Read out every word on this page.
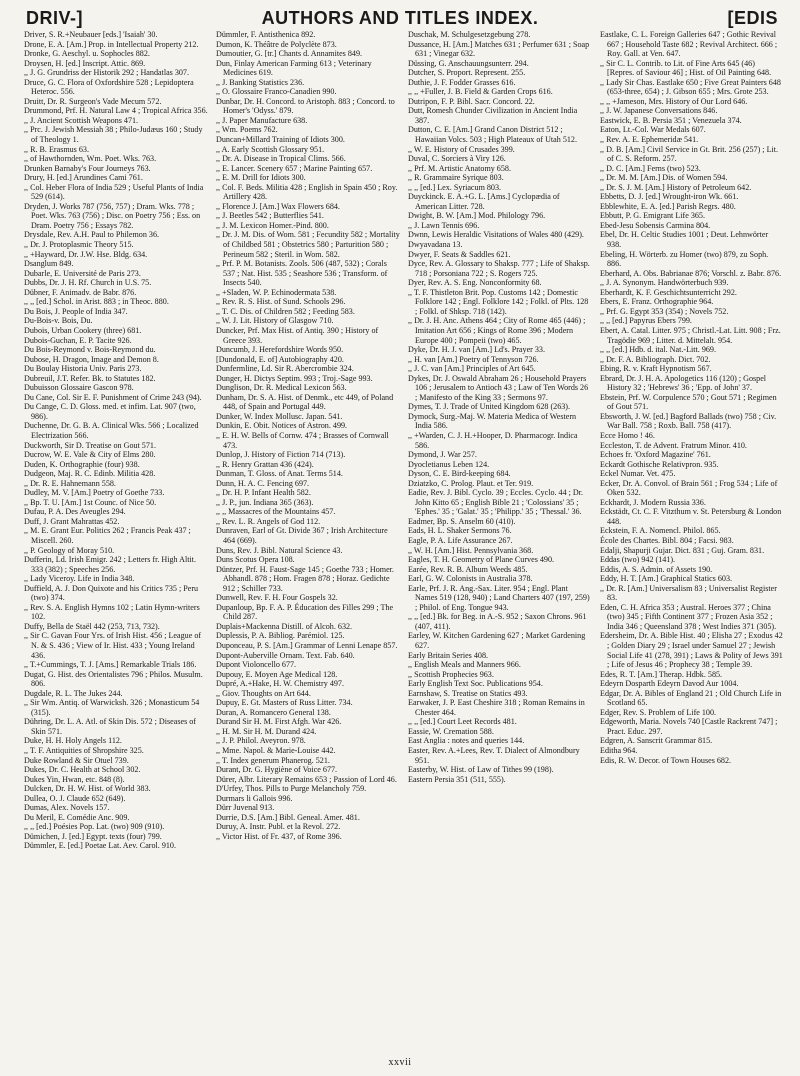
DRIV-]	AUTHORS AND TITLES INDEX.	[EDIS

Driver, S. R.+Neubauer [eds.] 'Isaiah' 30.

Drone, E. A. [Am.] Prop. in Intellectual Property 212.

Dronke, G. Aeschyl. u. Sophocles 882.

Droysen, H. [ed.] Inscript. Attic. 869.

,, J. G. Grundriss der Historik 292 ; Handatlas 307.

Druce, G. C. Flora of Oxfordshire 528 ; Lepidoptera Heteroc. 556.

Druitt, Dr. R. Surgeon's Vade Mecum 572.

Drummond, Prf. H. Natural Law 4 ; Tropical Africa 356.

,, J. Ancient Scottish Weapons 471.

,, Prc. J. Jewish Messiah 38 ; Philo-Judæus 160 ; Study of Theology 1.

,, R. B. Erasmus 63.

,, of Hawthornden, Wm. Poet. Wks. 763.

Drunken Barnaby's Four Journeys 763.

Drury, H. [ed.] Arundines Cami 761.

,, Col. Heber Flora of India 529 ; Useful Plants of India 529 (614).

Dryden, J. Works 787 (756, 757) ; Dram. Wks. 778 ; Poet. Wks. 763 (756) ; Disc. on Poetry 756 ; Ess. on Dram. Poetry 756 ; Essays 782.

Drysdale, Rev. A.H. Paul to Philemon 36.

,, Dr. J. Protoplasmic Theory 515.

,, +Hayward, Dr. J.W. Hse. Bldg. 634.

Dsanglum 849.

Dubarle, E. Université de Paris 273.

Dubbs, Dr. J. H. Rf. Church in U.S. 75.

Dübner, F. Animadv. de Babr. 876.

,, ,, [ed.] Schol. in Arist. 883 ; in Theoc. 880.

Du Bois, J. People of India 347.

Du-Bois-v. Bois, Du.

Dubois, Urban Cookery (three) 681.

Dubois-Guchan, E. P. Tacite 926.

Du Bois-Reymond v. Bois-Reymond du.

Dubose, H. Dragon, Image and Demon 8.

Du Boulay Historia Univ. Paris 273.

Dubreuil, J.T. Refer. Bk. to Statutes 182.

Dubuisson Glossaire Gascon 978.

Du Cane, Col. Sir E. F. Punishment of Crime 243 (94).

Du Cange, C. D. Gloss. med. et infim. Lat. 907 (two, 986).

Duchenne, Dr. G. B. A. Clinical Wks. 566 ; Localized Electrization 566.

Duckworth, Sir D. Treatise on Gout 571.

Ducrow, W. E. Vale & City of Elms 280.

Duden, K. Orthographie (four) 938.

Dudgeon, Maj. R. C. Edinb. Militia 428.

,, Dr. R. E. Hahnemann 558.

Dudley, M. V. [Am.] Poetry of Goethe 733.

,, Bp. T. U. [Am.] 1st Counc. of Nice 50.

Dufau, P. A. Des Aveugles 294.

Duff, J. Grant Mahrattas 452.

,, M. E. Grant Eur. Politics 262 ; Francis Peak 437 ; Miscell. 260.

,, P. Geology of Moray 510.

Dufferin, Ld. Irish Emigr. 242 ; Letters fr. High Altit. 333 (382) ; Speeches 256.

,, Lady Viceroy. Life in India 348.

Duffield, A. J. Don Quixote and his Critics 735 ; Peru (two) 374.

,, Rev. S. A. English Hymns 102 ; Latin Hymn-writers 102.

Duffy, Bella de Staël 442 (253, 713, 732).

,, Sir C. Gavan Four Yrs. of Irish Hist. 456 ; League of N. & S. 436 ; View of Ir. Hist. 433 ; Young Ireland 436.

,, T.+Cummings, T. J. [Ams.] Remarkable Trials 186.

Dugat, G. Hist. des Orientalistes 796 ; Philos. Musulm. 806.

Dugdale, R. L. The Jukes 244.

,, Sir Wm. Antiq. of Warwicksh. 326 ; Monasticum 54 (315).

Dühring, Dr. L. A. Atl. of Skin Dis. 572 ; Diseases of Skin 571.

Duke, H. H. Holy Angels 112.

,, T. F. Antiquities of Shropshire 325.

Duke Rowland & Sir Otuel 739.

Dukes, Dr. C. Health at School 302.

Dukes Yin, Hwan, etc. 848 (8).

Dulcken, Dr. H. W. Hist. of World 383.

Dullea, O. J. Claude 652 (649).

Dumas, Alex. Novels 157.

Du Meril, E. Comédie Anc. 909.

,, ,, [ed.] Poésies Pop. Lat. (two) 909 (910).

Dümichen, J. [ed.] Egypt. texts (four) 799.

Dümmler, E. [ed.] Poetae Lat. Aev. Carol. 910.

Dümmler, F. Antisthenica 892.

Dumon, K. Théâtre de Polyclète 873.

Dumoutier, G. [tr.] Chants d. Annamites 849.

Dun, Finlay American Farming 613 ; Veterinary Medicines 619.

,, J. Banking Statistics 236.

,, O. Glossaire Franco-Canadien 990.

Dunbar, Dr. H. Concord. to Aristoph. 883 ; Concord. to Homer's 'Odyss.' 879.

,, J. Paper Manufacture 638.

,, Wm. Poems 762.

Duncan+Millard Training of Idiots 300.

,, A. Early Scottish Glossary 951.

,, Dr. A. Disease in Tropical Clims. 566.

,, E. Lancer. Scenery 657 ; Marine Painting 657.

,, E. M. Drill for Idiots 300.

,, Col. F. Beds. Militia 428 ; English in Spain 450 ; Roy. Artillery 428.

,, Florence J. [Am.] Wax Flowers 684.

,, J. Beetles 542 ; Butterflies 541.

,, J. M. Lexicon Homer.-Pind. 800.

,, Dr. J. M. Dis. of Wom. 581 ; Fecundity 582 ; Mortality of Childbed 581 ; Obstetrics 580 ; Parturition 580 ; Perineum 582 ; Steril. in Wom. 582.

,, Prf. P. M. Botanists. Zools. 506 (487, 532) ; Corals 537 ; Nat. Hist. 535 ; Seashore 536 ; Transform. of Insects 540.

,, +Sladen, W. P. Echinodermata 538.

,, Rev. R. S. Hist. of Sund. Schools 296.

,, T. C. Dis. of Children 582 ; Feeding 583.

,, W. J. Lit. History of Glasgow 710.

Duncker, Prf. Max Hist. of Antiq. 390 ; History of Greece 393.

Duncumb, J. Herefordshire Words 950.

[Dundonald, E. of] Autobiography 420.

Dunfermline, Ld. Sir R. Abercrombie 324.

Dunger, H. Dictys Septim. 993 ; Troj.-Sage 993.

Dunglison, Dr. R. Medical Lexicon 563.

Dunham, Dr. S. A. Hist. of Denmk., etc 449, of Poland 448, of Spain and Portugal 449.

Dunker, W. Index Mollusc. Japan. 541.

Dunkin, E. Obit. Notices of Astron. 499.

,, E. H. W. Bells of Cornw. 474 ; Brasses of Cornwall 473.

Dunlop, J. History of Fiction 714 (713).

,, R. Henry Grattan 436 (424).

Dunman, T. Gloss. of Anat. Terms 514.

Dunn, H. A. C. Fencing 697.

,, Dr. H. P. Infant Health 582.

,, J. P., jun. Indiana 365 (363).

,, ,, Massacres of the Mountains 457.

,, Rev. L. R. Angels of God 112.

Dunraven, Earl of Gt. Divide 367 ; Irish Architecture 464 (669).

Duns, Rev. J. Bibl. Natural Science 43.

Duns Scotus Opera 108.

Düntzer, Prf. H. Faust-Sage 145 ; Goethe 733 ; Homer. Abhandl. 878 ; Hom. Fragen 878 ; Horaz. Gedichte 912 ; Schiller 733.

Dunwell, Rev. F. H. Four Gospels 32.

Dupanloup, Bp. F. A. P. Éducation des Filles 299 ; The Child 287.

Duplais+Mackenna Distill. of Alcoh. 632.

Duplessis, P. A. Bibliog. Parémiol. 125.

Duponceau, P. S. [Am.] Grammar of Lenni Lenape 857.

Dupont-Auberville Ornam. Text. Fab. 640.

Dupont Violoncello 677.

Dupouy, E. Moyen Age Medical 128.

Dupré, A.+Hake, H. W. Chemistry 497.

,, Giov. Thoughts on Art 644.

Dupuy, E. Gt. Masters of Russ Litter. 734.

Duran, A. Romancero General 138.

Durand Sir H. M. First Afgh. War 426.

,, H. M. Sir H. M. Durand 424.

,, J. P. Philol. Aveyron. 978.

,, Mme. Napol. & Marie-Louise 442.

,, T. Index generum Phanerog. 521.

Durant, Dr. G. Hygiène of Voice 677.

Dürer, Albr. Literary Remains 653 ; Passion of Lord 46.

D'Urfey, Thos. Pills to Purge Melancholy 759.

Durmars li Gallois 996.

Dürr Juvenal 913.

Durrie, D.S. [Am.] Bibl. Geneal. Amer. 481.

Duruy, A. Instr. Publ. et la Revol. 272.

,, Victor Hist. of Fr. 437, of Rome 396.

Duschak, M. Schulgesetzgebung 278.

Dussance, H. [Am.] Matches 631 ; Perfumer 631 ; Soap 631 ; Vinegar 632.

Düssing, G. Anschauungsunterr. 294.

Dutcher, S. Proport. Represent. 255.

Duthie, J. F. Fodder Grasses 616.

,, ,, +Fuller, J. B. Field & Garden Crops 616.

Dutripon, F. P. Bibl. Sacr. Concord. 22.

Dutt, Romesh Chunder Civilization in Ancient India 387.

Dutton, C. E. [Am.] Grand Canon District 512 ; Hawaiian Volcs. 503 ; High Plateaux of Utah 512.

,, W. E. History of Crusades 399.

Duval, C. Sorciers à Viry 126.

,, Prf. M. Artistic Anatomy 658.

,, R. Grammaire Syrique 803.

,, ,, [ed.] Lex. Syriacum 803.

Duyckinck. E. A.+G. L. [Ams.] Cyclopædia of American Litter. 728.

Dwight, B. W. [Am.] Mod. Philology 796.

,, J. Lawn Tennis 696.

Dwnn, Lewis Heraldic Visitations of Wales 480 (429).

Dwyavadana 13.

Dwyer, F. Seats & Saddles 621.

Dyce, Rev. A. Glossary to Shaksp. 777 ; Life of Shaksp. 718 ; Porsoniana 722 ; S. Rogers 725.

Dyer, Rev. A. S. Eng. Nonconformity 68.

,, T. F. Thistleton Brit. Pop. Customs 142 ; Domestic Folklore 142 ; Engl. Folklore 142 ; Folkl. of Plts. 128 ; Folkl. of Shksp. 718 (142).

,, Dr. J. H. Anc. Athens 464 ; City of Rome 465 (446) ; Imitation Art 656 ; Kings of Rome 396 ; Modern Europe 400 ; Pompeii (two) 465.

Dyke, Dr. H. J. van [Am.] Ld's. Prayer 33.

,, H. van [Am.] Poetry of Tennyson 726.

,, J. C. van [Am.] Principles of Art 645.

Dykes, Dr. J. Oswald Abraham 26 ; Household Prayers 106 ; Jerusalem to Antioch 43 ; Law of Ten Words 26 ; Manifesto of the King 33 ; Sermons 97.

Dymes, T. J. Trade of United Kingdom 628 (263).

Dymock, Surg.-Maj. W. Materia Medica of Western India 586.

,, +Warden, C. J. H.+Hooper, D. Pharmacogr. Indica 586.

Dymond, J. War 257.

Dyocletianus Leben 124.

Dyson, C. E. Bird-keeping 684.

Dziatzko, C. Prolog. Plaut. et Ter. 919.

Eadie, Rev. J. Bibl. Cyclo. 39 ; Eccles. Cyclo. 44 ; Dr. John Kitto 65 ; English Bible 21 ; 'Colossians' 35 ; 'Ephes.' 35 ; 'Galat.' 35 ; 'Philipp.' 35 ; 'Thessal.' 36.

Eadmer, Bp. S. Anselm 60 (410).

Eads, H. L. Shaker Sermons 76.

Eagle, P. A. Life Assurance 267.

,, W. H. [Am.] Hist. Pennsylvania 368.

Eagles, T. H. Geometry of Plane Curves 490.

Earée, Rev. R. B. Album Weeds 485.

Earl, G. W. Colonists in Australia 378.

Earle, Prf. J. R. Ang.-Sax. Liter. 954 ; Engl. Plant Names 519 (128, 940) ; Land Charters 407 (197, 259) ; Philol. of Eng. Tongue 943.

,, ,, [ed.] Bk. for Beg. in A.-S. 952 ; Saxon Chrons. 961 (407, 411).

Earley, W. Kitchen Gardening 627 ; Market Gardening 627.

Early Britain Series 408.

,, English Meals and Manners 966.

,, Scottish Prophecies 963.

Early English Text Soc. Publications 954.

Earnshaw, S. Treatise on Statics 493.

Earwaker, J. P. East Cheshire 318 ; Roman Remains in Chester 464.

,, ,, [ed.] Court Leet Records 481.

Eassie, W. Cremation 588.

East Anglia : notes and queries 144.

Easter, Rev. A.+Lees, Rev. T. Dialect of Almondbury 951.

Easterby, W. Hist. of Law of Tithes 99 (198).

Eastern Persia 351 (511, 555).

Eastlake, C. L. Foreign Galleries 647 ; Gothic Revival 667 ; Household Taste 682 ; Revival Architect. 666 ; Roy. Gall. at Ven. 647.

,, Sir C. L. Contrib. to Lit. of Fine Arts 645 (46) [Repres. of Saviour 46] ; Hist. of Oil Painting 648.

,, Lady Sir Chas. Eastlake 650 ; Five Great Painters 648 (653-three, 654) ; J. Gibson 655 ; Mrs. Grote 253.

,, ,, +Jameson, Mrs. History of Our Lord 646.

,, J. W. Japanese Conversations 846.

Eastwick, E. B. Persia 351 ; Venezuela 374.

Eaton, Lt.-Col. War Medals 607.

,, Rev. A. E. Ephemeridæ 541.

,, D. B. [Am.] Civil Service in Gt. Brit. 256 (257) ; Lit. of C. S. Reform. 257.

,, D. C. [Am.] Ferns (two) 523.

,, Dr. M. M. [Am.] Dis. of Women 594.

,, Dr. S. J. M. [Am.] History of Petroleum 642.

Ebbetts, D. J. [ed.] Wrought-iron Wk. 661.

Ebblewhite, E. A. [ed.] Parish Regrs. 480.

Ebbutt, P. G. Emigrant Life 365.

Ebed-Jesu Sobensis Carmina 804.

Ebel, Dr. H. Celtic Studies 1001 ; Deut. Lehnwörter 938.

Ebeling, H. Wörterb. zu Homer (two) 879, zu Soph. 886.

Eberhard, A. Obs. Babrianae 876; Vorschl. z. Babr. 876.

,, J. A. Synonym. Handwörterbuch 939.

Eberhardt, K. F. Geschichtsunterricht 292.

Ebers, E. Franz. Orthographie 964.

,, Prf. G. Egypt 353 (354) ; Novels 752.

,, ,, [ed.] Papyrus Ebers 799.

Ebert, A. Catal. Litter. 975 ; Christl.-Lat. Litt. 908 ; Frz. Tragödie 969 ; Litter. d. Mittelalt. 954.

,, ,, [ed.] Hdb. d. ital. Nat.-Litt. 969.

,, Dr. F. A. Bibliograph. Dict. 702.

Ebing, R. v. Kraft Hypnotism 567.

Ebrard, Dr. J. H. A. Apologetics 116 (120) ; Gospel History 32 ; 'Hebrews' 36 ; 'Epp. of John' 37.

Ebstein, Prf. W. Corpulence 570 ; Gout 571 ; Regimen of Gout 571.

Ebsworth, J. W. [ed.] Bagford Ballads (two) 758 ; Civ. War Ball. 758 ; Roxb. Ball. 758 (417).

Ecce Homo ! 46.

Eccleston, T. de Advent. Fratrum Minor. 410.

Echoes fr. 'Oxford Magazine' 761.

Eckardt Gothische Relativpron. 935.

Eckel Numar. Vet. 475.

Ecker, Dr. A. Convol. of Brain 561 ; Frog 534 ; Life of Oken 532.

Eckhardt, J. Modern Russia 336.

Eckstädt, Ct. C. F. Vitzthum v. St. Petersburg & London 448.

Eckstein, F. A. Nomencl. Philol. 865.

École des Chartes. Bibl. 804 ; Facsi. 983.

Edalji, Shapurji Gujar. Dict. 831 ; Guj. Gram. 831.

Eddas (two) 942 (141).

Eddis, A. S. Admin. of Assets 190.

Eddy, H. T. [Am.] Graphical Statics 603.

,, Dr. R. [Am.] Universalism 83 ; Universalist Register 83.

Eden, C. H. Africa 353 ; Austral. Heroes 377 ; China (two) 345 ; Fifth Continent 377 ; Frozen Asia 352 ; India 346 ; Queensland 378 ; West Indies 371 (305).

Edersheim, Dr. A. Bible Hist. 40 ; Elisha 27 ; Exodus 42 ; Golden Diary 29 ; Israel under Samuel 27 ; Jewish Social Life 41 (278, 391) ; Laws & Polity of Jews 391 ; Life of Jesus 46 ; Prophecy 38 ; Temple 39.

Edes, R. T. [Am.] Therap. Hdbk. 585.

Edeyrn Dosparth Edeyrn Davod Aur 1004.

Edgar, Dr. A. Bibles of England 21 ; Old Church Life in Scotland 65.

Edger, Rev. S. Problem of Life 100.

Edgeworth, Maria. Novels 740 [Castle Rackrent 747] ; Pract. Educ. 297.

Edgren, A. Sanscrit Grammar 815.

Editha 964.

Edis, R. W. Decor. of Town Houses 682.

xxvii
